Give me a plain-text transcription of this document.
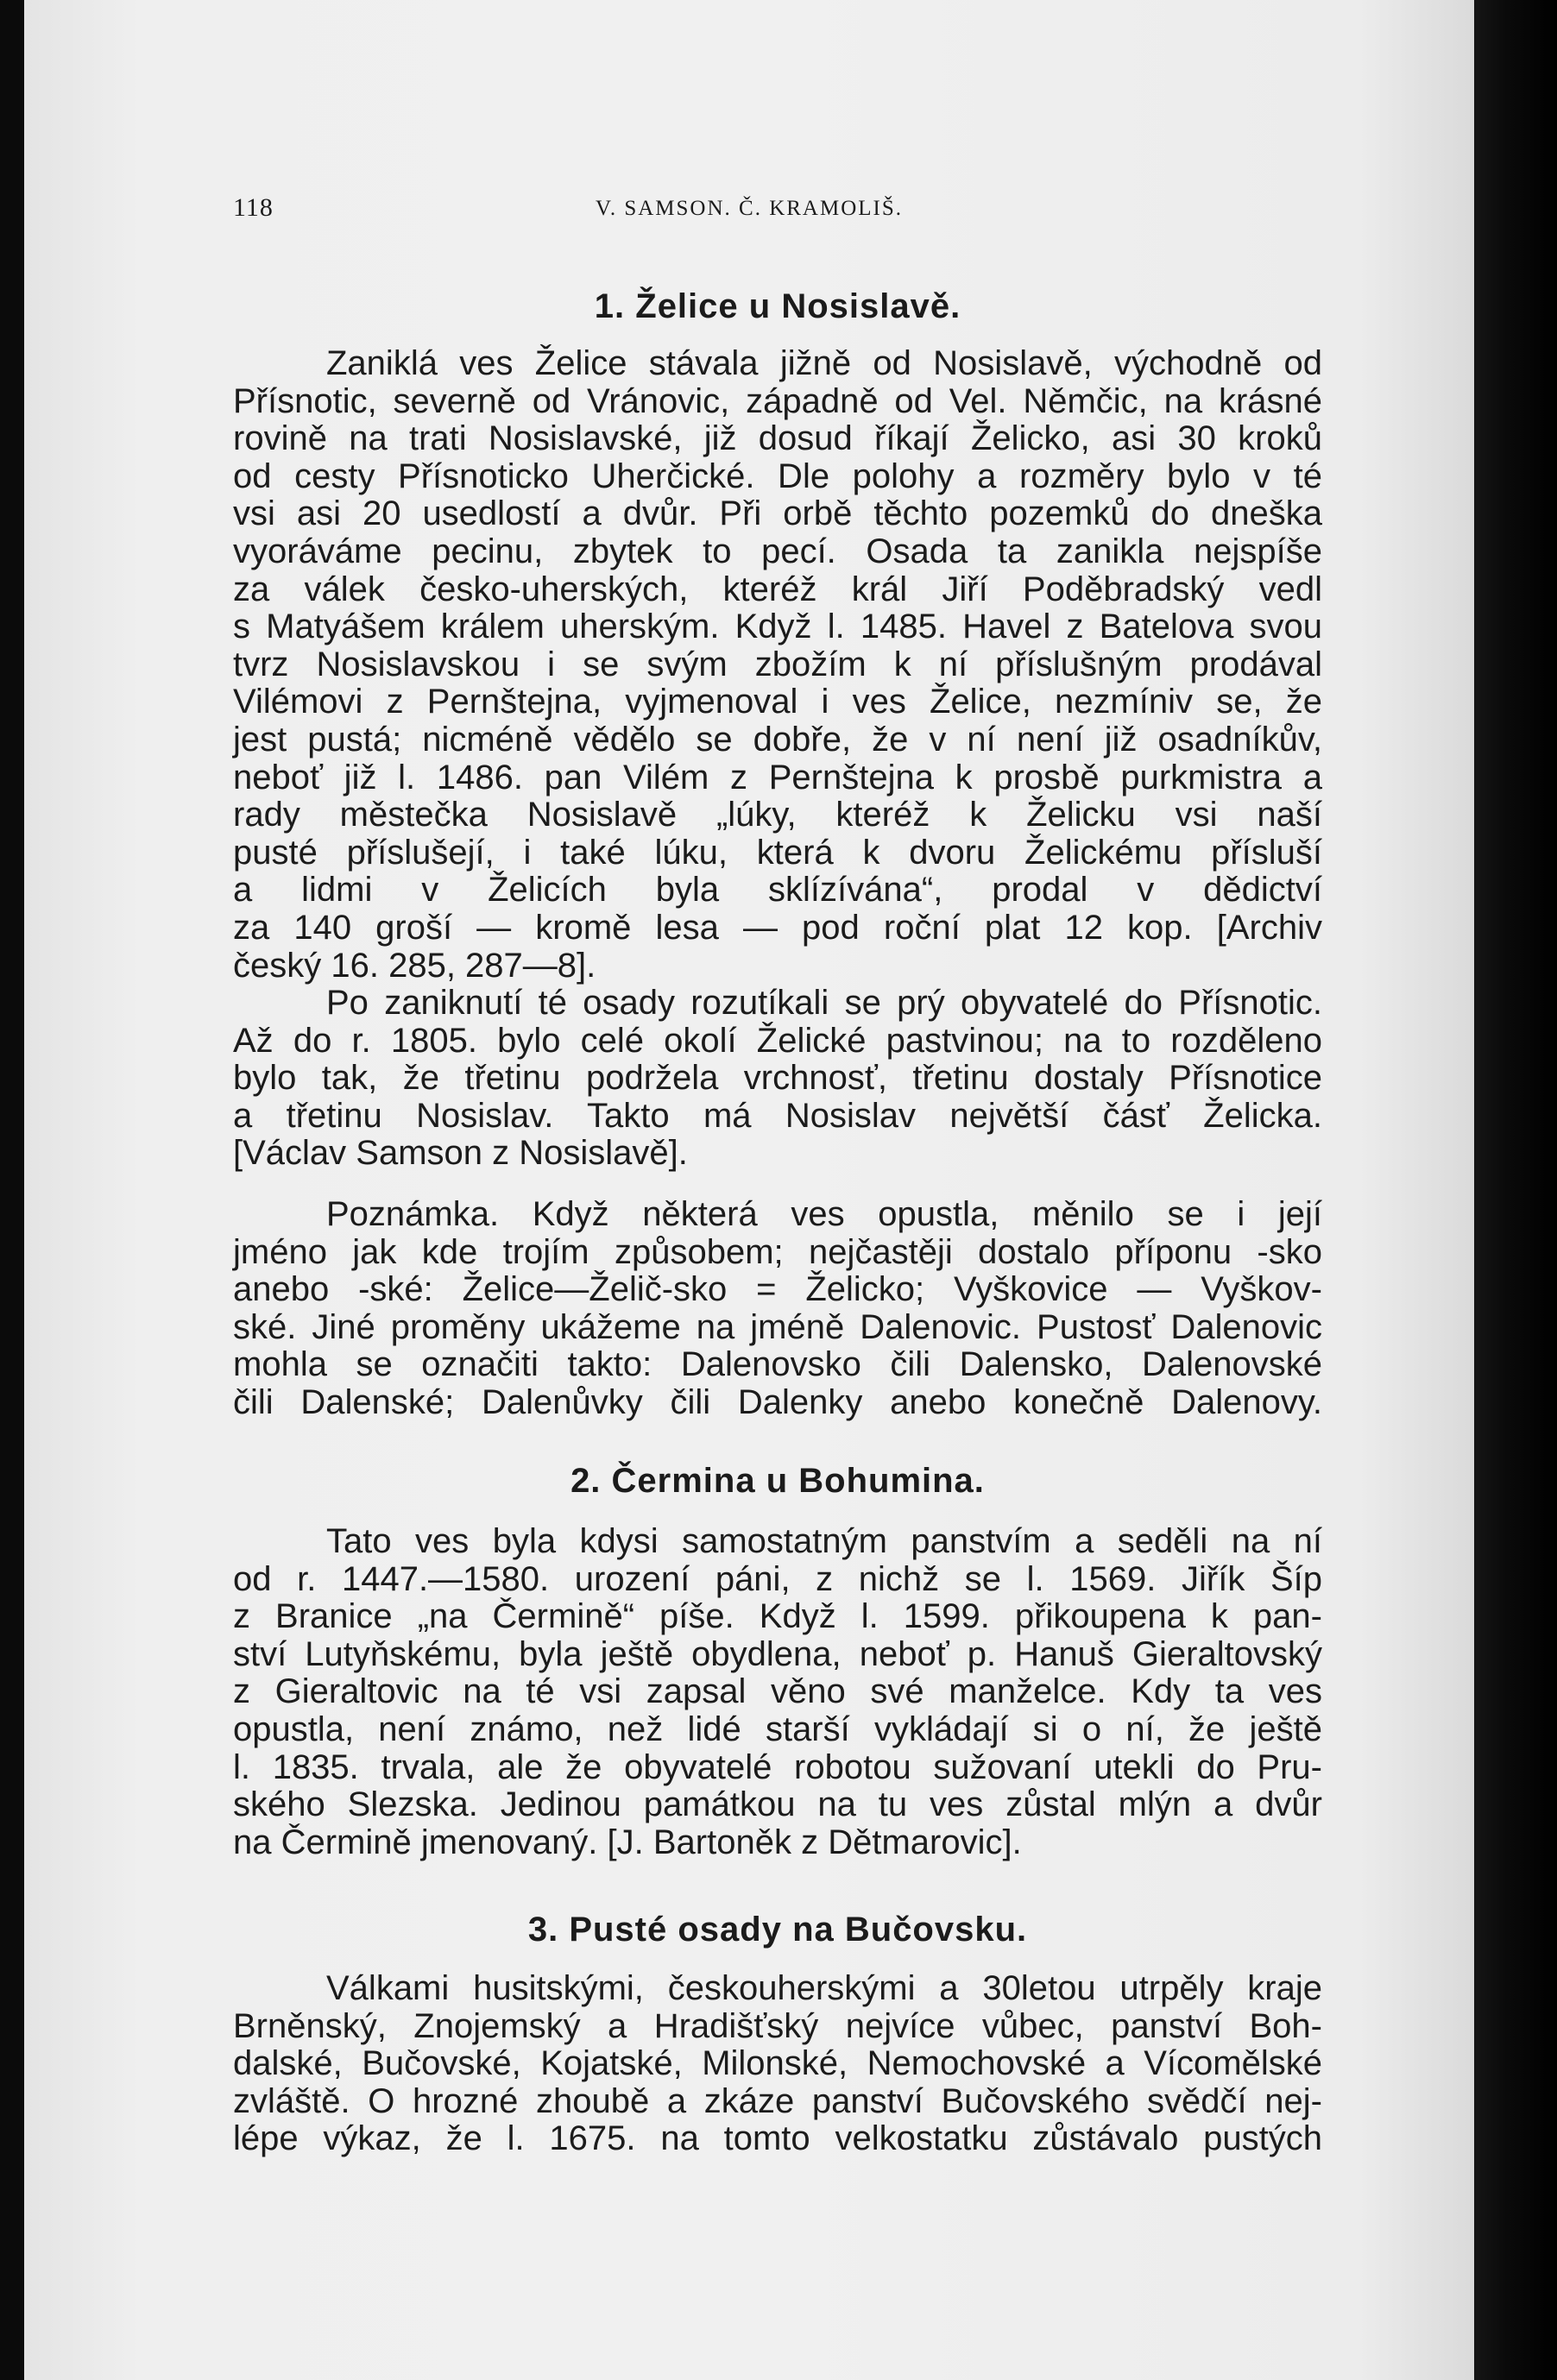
118	V. SAMSON. Č. KRAMOLIŠ.
1. Želice u Nosislavě.
Zaniklá ves Želice stávala jižně od Nosislavě, východně od
Přísnotic, severně od Vránovic, západně od Vel. Němčic, na krásné
rovině na trati Nosislavské, již dosud říkají Želicko, asi 30 kroků
od cesty Přísnoticko Uherčické. Dle polohy a rozměry bylo v té
vsi asi 20 usedlostí a dvůr. Při orbě těchto pozemků do dneška
vyoráváme pecinu, zbytek to pecí. Osada ta zanikla nejspíše
za válek česko-uherských, kteréž král Jiří Poděbradský vedl
s Matyášem králem uherským. Když l. 1485. Havel z Batelova svou
tvrz Nosislavskou i se svým zbožím k ní příslušným prodával
Vilémovi z Pernštejna, vyjmenoval i ves Želice, nezmíniv se, že
jest pustá; nicméně vědělo se dobře, že v ní není již osadníkův,
neboť již l. 1486. pan Vilém z Pernštejna k prosbě purkmistra a
rady městečka Nosislavě „lúky, kteréž k Želicku vsi naší
pusté příslušejí, i také lúku, která k dvoru Želickému přísluší
a lidmi v Želicích byla sklízívána“, prodal v dědictví
za 140 groší — kromě lesa — pod roční plat 12 kop. [Archiv
český 16. 285, 287—8].
Po zaniknutí té osady rozutíkali se prý obyvatelé do Přísnotic.
Až do r. 1805. bylo celé okolí Želické pastvinou; na to rozděleno
bylo tak, že třetinu podržela vrchnosť, třetinu dostaly Přísnotice
a třetinu Nosislav. Takto má Nosislav největší čásť Želicka.
[Václav Samson z Nosislavě].
Poznámka. Když některá ves opustla, měnilo se i její
jméno jak kde trojím způsobem; nejčastěji dostalo příponu -sko
anebo -ské: Želice—Želič-sko = Želicko; Vyškovice — Vyškov-
ské. Jiné proměny ukážeme na jméně Dalenovic. Pustosť Dalenovic
mohla se označiti takto: Dalenovsko čili Dalensko, Dalenovské
čili Dalenské; Dalenůvky čili Dalenky anebo konečně Dalenovy.
2. Čermina u Bohumina.
Tato ves byla kdysi samostatným panstvím a seděli na ní
od r. 1447.—1580. urození páni, z nichž se l. 1569. Jiřík Šíp
z Branice „na Čermině“ píše. Když l. 1599. přikoupena k pan-
ství Lutyňskému, byla ještě obydlena, neboť p. Hanuš Gieraltovský
z Gieraltovic na té vsi zapsal věno své manželce. Kdy ta ves
opustla, není známo, než lidé starší vykládají si o ní, že ještě
l. 1835. trvala, ale že obyvatelé robotou sužovaní utekli do Pru-
ského Slezska. Jedinou památkou na tu ves zůstal mlýn a dvůr
na Čermině jmenovaný. [J. Bartoněk z Dětmarovic].
3. Pusté osady na Bučovsku.
Válkami husitskými, českouherskými a 30letou utrpěly kraje
Brněnský, Znojemský a Hradišťský nejvíce vůbec, panství Boh-
dalské, Bučovské, Kojatské, Milonské, Nemochovské a Vícomělské
zvláště. O hrozné zhoubě a zkáze panství Bučovského svědčí nej-
lépe výkaz, že l. 1675. na tomto velkostatku zůstávalo pustých
